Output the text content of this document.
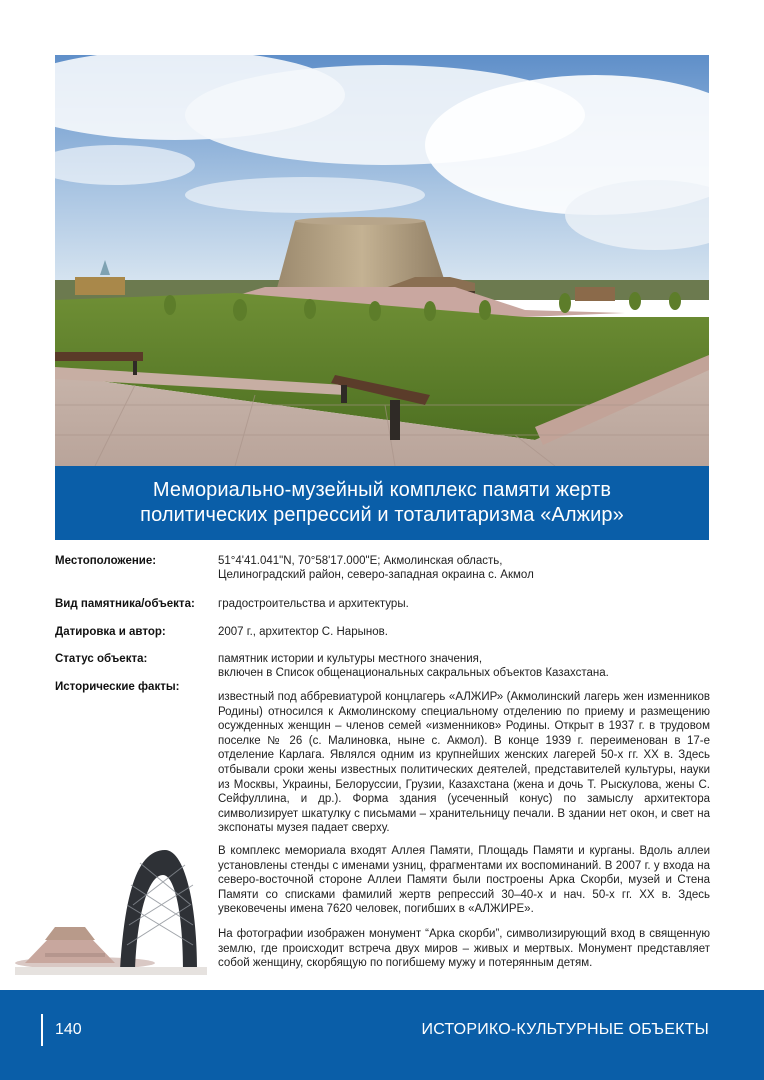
Мемориально-музейный комплекс памяти жертв политических репрессий и тоталитаризма «Алжир»
Местоположение:	51°4'41.041"N, 70°58'17.000"E; Акмолинская область,
Целиноградский район, северо-западная окраина с. Акмол
Вид памятника/объекта: градостроительства и архитектуры.
Датировка и автор:	2007 г., архитектор С. Нарынов.
Статус объекта:	памятник истории и культуры местного значения,
включен в Список общенациональных сакральных объектов Казахстана.
Исторические факты:

известный под аббревиатурой концлагерь «АЛЖИР» (Акмолинский лагерь жен изменников Родины) относился к Акмолинскому специальному отделению по приему и размещению осужденных женщин – членов семей «изменников» Родины. Открыт в 1937 г. в трудовом поселке № 26 (с. Малиновка, ныне с. Акмол). В конце 1939 г. переименован в 17-е отделение Карлага. Являлся одним из крупнейших женских лагерей 50-х гг. XX в. Здесь отбывали сроки жены известных политических деятелей, представителей культуры, науки из Москвы, Украины, Белоруссии, Грузии, Казахстана (жена и дочь Т. Рыскулова, жены С. Сейфуллина, и др.). Форма здания (усеченный конус) по замыслу архитектора символизирует шкатулку с письмами – хранительницу печали. В здании нет окон, и свет на экспонаты музея падает сверху.

В комплекс мемориала входят Аллея Памяти, Площадь Памяти и курганы. Вдоль аллеи установлены стенды с именами узниц, фрагментами их воспоминаний. В 2007 г. у входа на северо-восточной стороне Аллеи Памяти были построены Арка Скорби, музей и Стена Памяти со списками фамилий жертв репрессий 30–40-х и нач. 50-х гг. XX в. Здесь увековечены имена 7620 человек, погибших в «АЛЖИРЕ».

На фотографии изображен монумент “Арка скорби”, символизирующий вход в священную землю, где происходит встреча двух миров – живых и мертвых. Монумент представляет собой женщину, скорбящую по погибшему мужу и потерянным детям.

140	ИСТОРИКО-КУЛЬТУРНЫЕ ОБЪЕКТЫ
